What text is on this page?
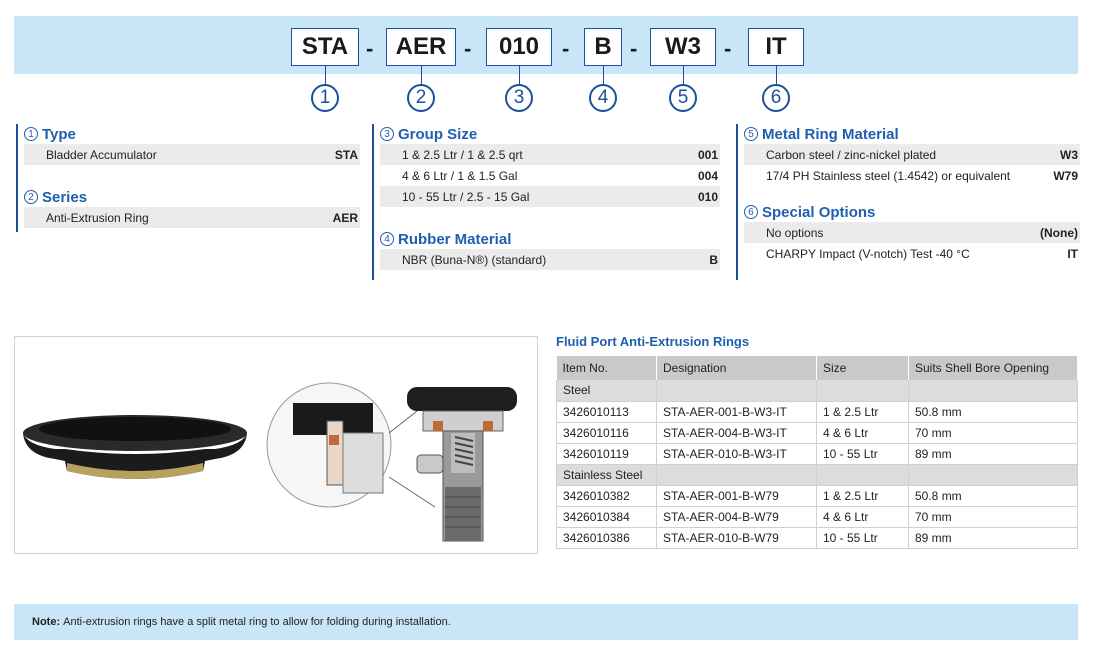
STA - AER -	010	-	B -	W3	-	IT
1	2	3	4	5	6
1 Type
Bladder Accumulator	STA
2 Series
Anti-Extrusion Ring	AER
3 Group Size
1 & 2.5 Ltr / 1 & 2.5 qrt	001
4 & 6 Ltr / 1 & 1.5 Gal	004
10 - 55 Ltr / 2.5 - 15 Gal	010
4 Rubber Material
NBR (Buna-N®) (standard)	B
5 Metal Ring Material
Carbon steel / zinc-nickel plated	W3
17/4 PH Stainless steel (1.4542) or equivalent	W79
6 Special Options
No options	(None)
CHARPY Impact (V-notch) Test -40 °C	IT
Fluid Port Anti-Extrusion Rings
Item No.	Designation	Size	Suits Shell Bore Opening
Steel			
3426010113	STA-AER-001-B-W3-IT	1 & 2.5 Ltr	50.8 mm
3426010116	STA-AER-004-B-W3-IT	4 & 6 Ltr	70 mm
3426010119	STA-AER-010-B-W3-IT	10 - 55 Ltr	89 mm
Stainless Steel			
3426010382	STA-AER-001-B-W79	1 & 2.5 Ltr	50.8 mm
3426010384	STA-AER-004-B-W79	4 & 6 Ltr	70 mm
3426010386	STA-AER-010-B-W79	10 - 55 Ltr	89 mm
Note: Anti-extrusion rings have a split metal ring to allow for folding during installation.
